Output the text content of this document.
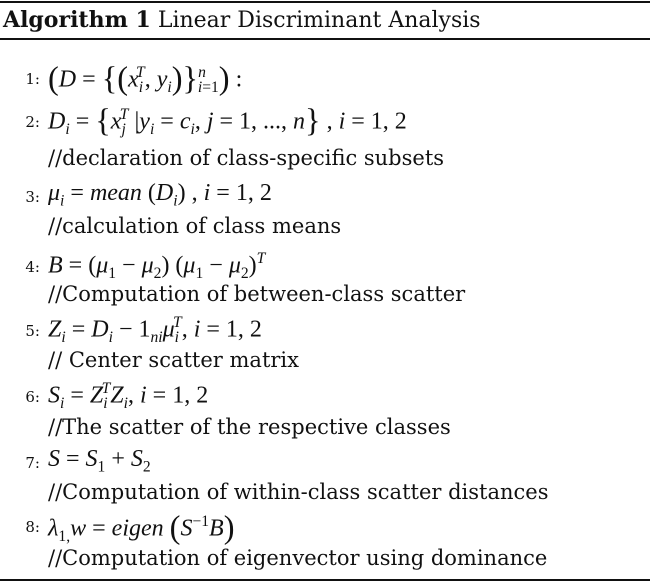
Algorithm 1 Linear Discriminant Analysis
1: ($D = \{(x_i^T$, $y_i)\}^n_{i=1}$) :
2: $D_i = \{x_j^T$ $|y_i = c_i$, j = 1, ..., n} , i = 1, 2
//declaration of class-specific subsets
3: $\mu_i$ = mean $(D_i)$ , i = 1, 2
//calculation of class means
4: $B = (\mu_1 - \mu_2) (\mu_1 - \mu_2)^T$
//Computation of between-class scatter
5: $Z_i = D_i - 1_{ni}\mu_i^T$, i = 1, 2
// Center scatter matrix
6: $S_i = Z_i^TZ_i$, i = 1, 2
//The scatter of the respective classes
7: $S = S_1 + S_2$
//Computation of within-class scatter distances
8: $\lambda_{1,}w$ = eigen $(S^{-1}B)$
//Computation of eigenvector using dominance
